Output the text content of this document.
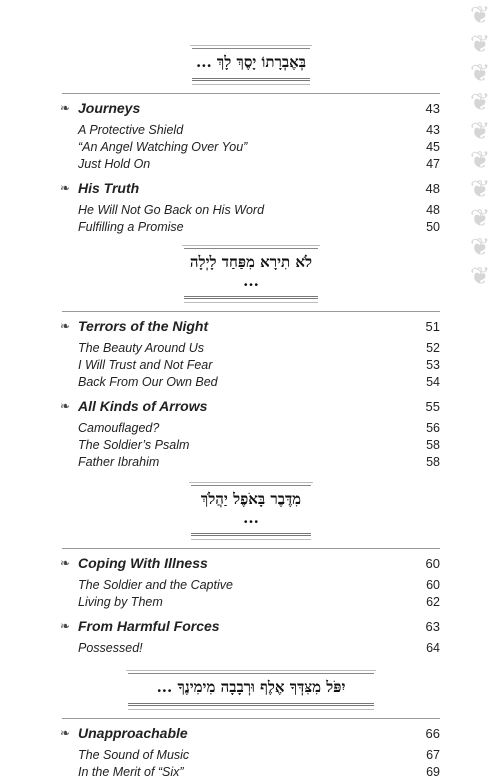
❦
❦
❦
❦
❦
❦
❦
❦
❦
❦
בְּאֶבְרָתוֹ יָסֶךְ לָךְ ...
❧ Journeys	43
A Protective Shield	43
“An Angel Watching Over You”	45
Just Hold On	47
❧ His Truth	48
He Will Not Go Back on His Word	48
Fulfilling a Promise	50
לֹא תִירָא מִפַּחַד לָיְלָה ...
❧ Terrors of the Night	51
The Beauty Around Us	52
I Will Trust and Not Fear	53
Back From Our Own Bed	54
❧ All Kinds of Arrows	55
Camouflaged?	56
The Soldier’s Psalm	58
Father Ibrahim	58
מִדֶּבֶר בָּאֹפֶל יַהֲלֹךְ ...
❧ Coping With Illness	60
The Soldier and the Captive	60
Living by Them	62
❧ From Harmful Forces	63
Possessed!	64
יִפֹּל מִצִּדְּךָ אֶלֶף וּרְבָבָה מִימִינֶךָ ...
❧ Unapproachable	66
The Sound of Music	67
In the Merit of “Six”	69
